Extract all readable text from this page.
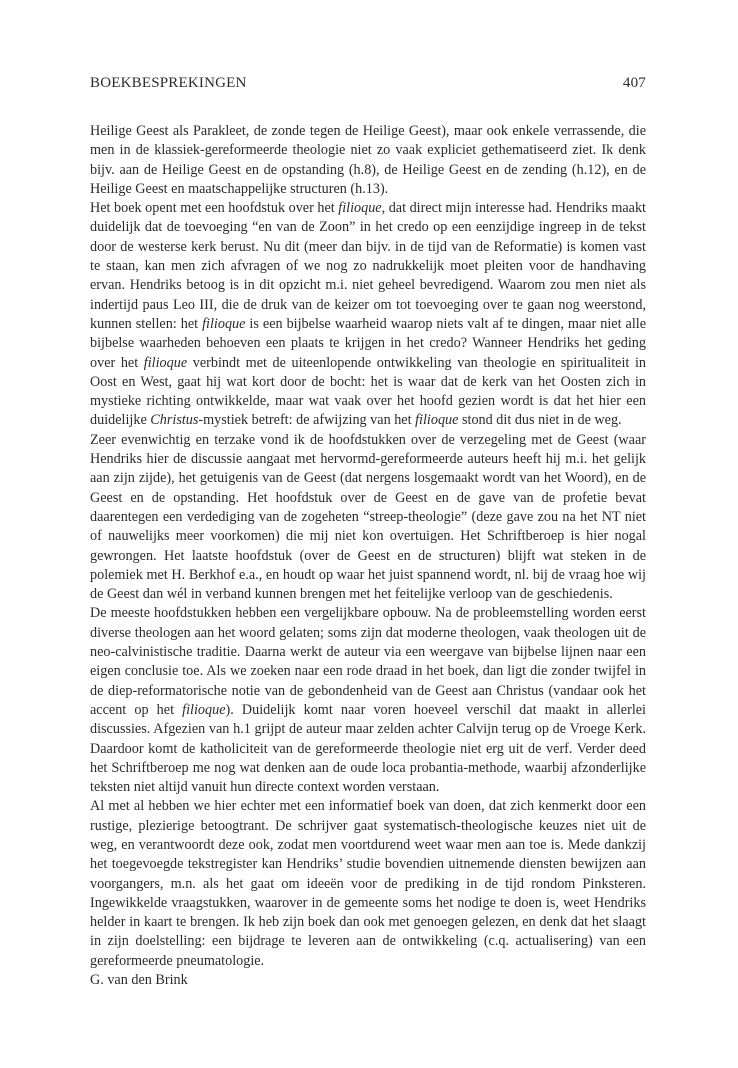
BOEKBESPREKINGEN	407

Heilige Geest als Parakleet, de zonde tegen de Heilige Geest), maar ook enkele verrassende, die men in de klassiek-gereformeerde theologie niet zo vaak expliciet gethematiseerd ziet. Ik denk bijv. aan de Heilige Geest en de opstanding (h.8), de Heilige Geest en de zending (h.12), en de Heilige Geest en maatschappelijke structuren (h.13).

Het boek opent met een hoofdstuk over het filioque, dat direct mijn interesse had. Hendriks maakt duidelijk dat de toevoeging “en van de Zoon” in het credo op een eenzijdige ingreep in de tekst door de westerse kerk berust. Nu dit (meer dan bijv. in de tijd van de Reformatie) is komen vast te staan, kan men zich afvragen of we nog zo nadrukkelijk moet pleiten voor de handhaving ervan. Hendriks betoog is in dit opzicht m.i. niet geheel bevredigend. Waarom zou men niet als indertijd paus Leo III, die de druk van de keizer om tot toevoeging over te gaan nog weerstond, kunnen stellen: het filioque is een bijbelse waarheid waarop niets valt af te dingen, maar niet alle bijbelse waarheden behoeven een plaats te krijgen in het credo? Wanneer Hendriks het geding over het filioque verbindt met de uiteenlopende ontwikkeling van theologie en spiritualiteit in Oost en West, gaat hij wat kort door de bocht: het is waar dat de kerk van het Oosten zich in mystieke richting ontwikkelde, maar wat vaak over het hoofd gezien wordt is dat het hier een duidelijke Christus-mystiek betreft: de afwijzing van het filioque stond dit dus niet in de weg.

Zeer evenwichtig en terzake vond ik de hoofdstukken over de verzegeling met de Geest (waar Hendriks hier de discussie aangaat met hervormd-gereformeerde auteurs heeft hij m.i. het gelijk aan zijn zijde), het getuigenis van de Geest (dat nergens losgemaakt wordt van het Woord), en de Geest en de opstanding. Het hoofdstuk over de Geest en de gave van de profetie bevat daarentegen een verdediging van de zogeheten “streep-theologie” (deze gave zou na het NT niet of nauwelijks meer voorkomen) die mij niet kon overtuigen. Het Schriftberoep is hier nogal gewrongen. Het laatste hoofdstuk (over de Geest en de structuren) blijft wat steken in de polemiek met H. Berkhof e.a., en houdt op waar het juist spannend wordt, nl. bij de vraag hoe wij de Geest dan wél in verband kunnen brengen met het feitelijke verloop van de geschiedenis.

De meeste hoofdstukken hebben een vergelijkbare opbouw. Na de probleemstelling worden eerst diverse theologen aan het woord gelaten; soms zijn dat moderne theologen, vaak theologen uit de neo-calvinistische traditie. Daarna werkt de auteur via een weergave van bijbelse lijnen naar een eigen conclusie toe. Als we zoeken naar een rode draad in het boek, dan ligt die zonder twijfel in de diep-reformatorische notie van de gebondenheid van de Geest aan Christus (vandaar ook het accent op het filioque). Duidelijk komt naar voren hoeveel verschil dat maakt in allerlei discussies. Afgezien van h.1 grijpt de auteur maar zelden achter Calvijn terug op de Vroege Kerk. Daardoor komt de katholiciteit van de gereformeerde theologie niet erg uit de verf. Verder deed het Schriftberoep me nog wat denken aan de oude loca probantia-methode, waarbij afzonderlijke teksten niet altijd vanuit hun directe context worden verstaan.

Al met al hebben we hier echter met een informatief boek van doen, dat zich kenmerkt door een rustige, plezierige betoogtrant. De schrijver gaat systematisch-theologische keuzes niet uit de weg, en verantwoordt deze ook, zodat men voortdurend weet waar men aan toe is. Mede dankzij het toegevoegde tekstregister kan Hendriks’ studie bovendien uitnemende diensten bewijzen aan voorgangers, m.n. als het gaat om ideeën voor de prediking in de tijd rondom Pinksteren. Ingewikkelde vraagstukken, waarover in de gemeente soms het nodige te doen is, weet Hendriks helder in kaart te brengen. Ik heb zijn boek dan ook met genoegen gelezen, en denk dat het slaagt in zijn doelstelling: een bijdrage te leveren aan de ontwikkeling (c.q. actualisering) van een gereformeerde pneumatologie.

G. van den Brink
